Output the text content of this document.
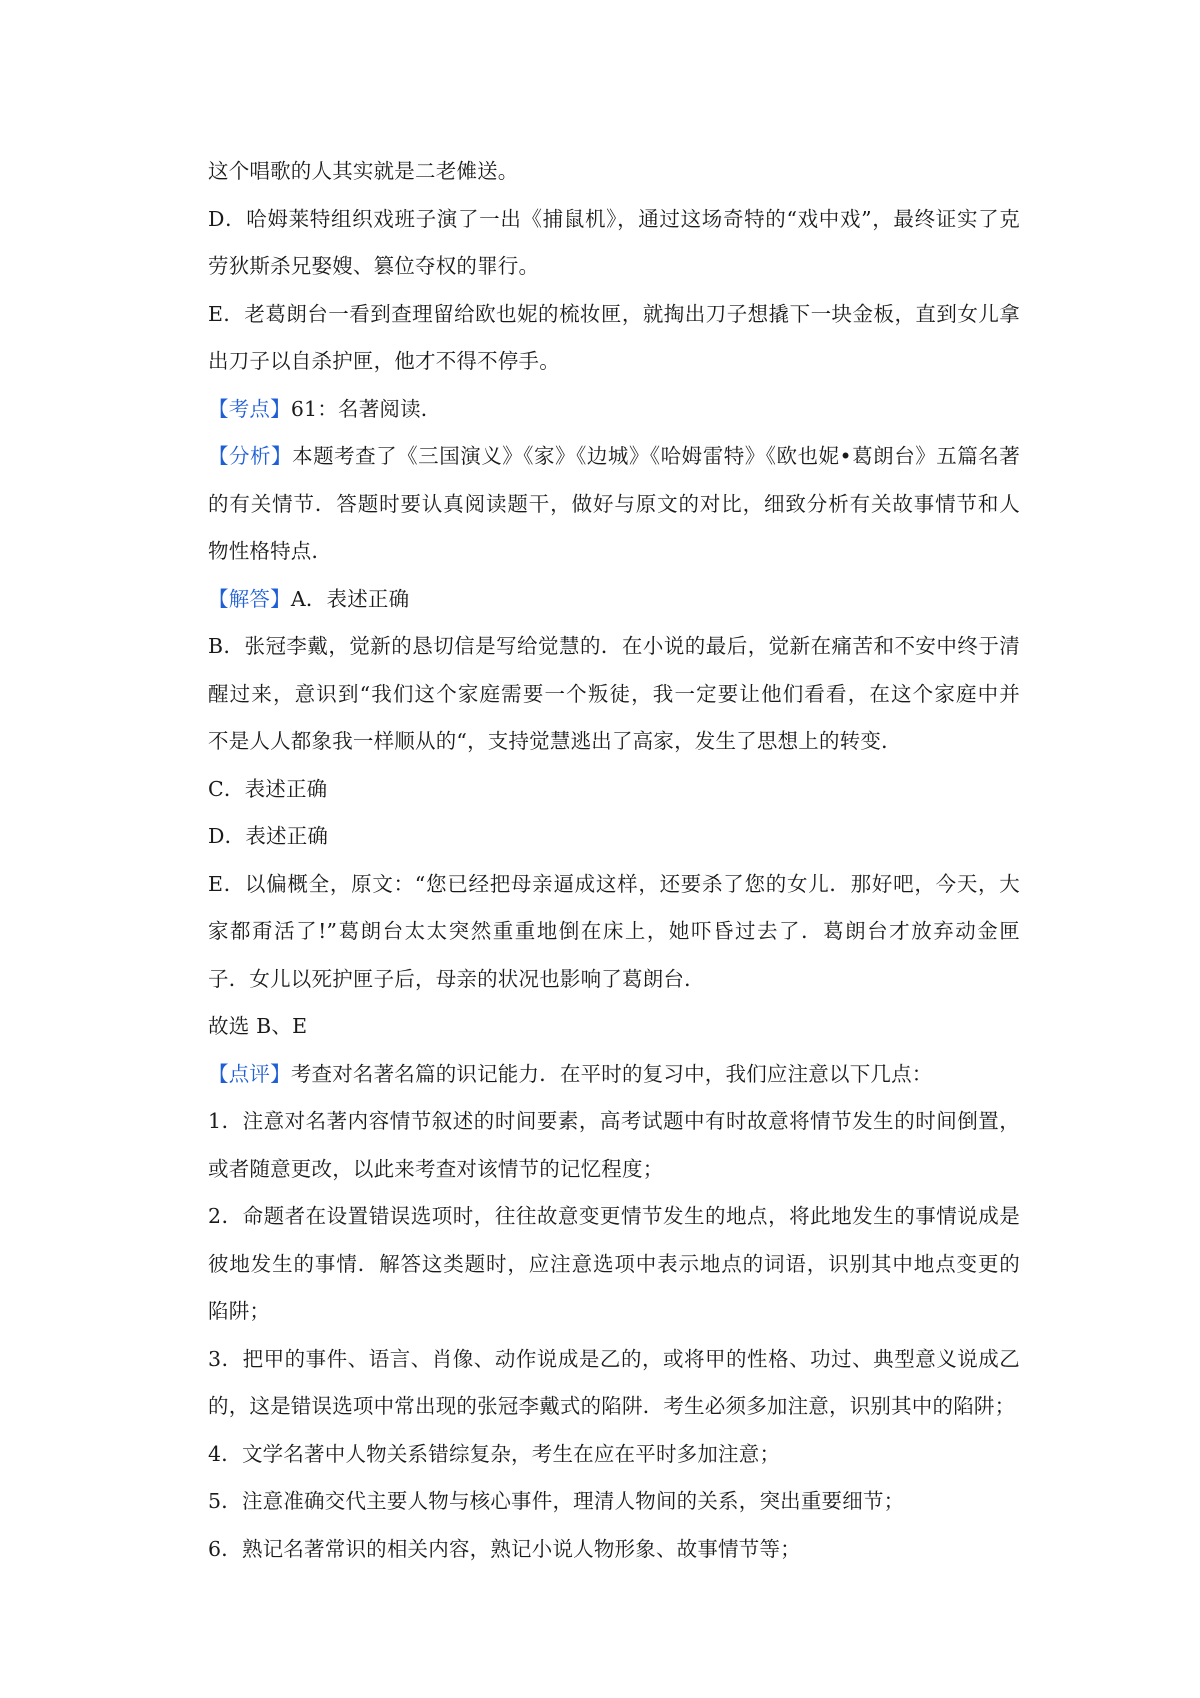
这个唱歌的人其实就是二老傩送。
D．哈姆莱特组织戏班子演了一出《捕鼠机》，通过这场奇特的“戏中戏”，最终证实了克
劳狄斯杀兄娶嫂、篡位夺权的罪行。
E．老葛朗台一看到查理留给欧也妮的梳妆匣，就掏出刀子想撬下一块金板，直到女儿拿
出刀子以自杀护匣，他才不得不停手。
【考点】61：名著阅读．
【分析】本题考查了《三国演义》《家》《边城》《哈姆雷特》《欧也妮•葛朗台》五篇名著
的有关情节．答题时要认真阅读题干，做好与原文的对比，细致分析有关故事情节和人
物性格特点．
【解答】A．表述正确
B．张冠李戴，觉新的恳切信是写给觉慧的．在小说的最后，觉新在痛苦和不安中终于清
醒过来，意识到“我们这个家庭需要一个叛徒，我一定要让他们看看，在这个家庭中并
不是人人都象我一样顺从的“，支持觉慧逃出了高家，发生了思想上的转变．
C．表述正确
D．表述正确
E．以偏概全，原文：“您已经把母亲逼成这样，还要杀了您的女儿．那好吧，今天，大
家都甭活了!”葛朗台太太突然重重地倒在床上，她吓昏过去了．葛朗台才放弃动金匣
子．女儿以死护匣子后，母亲的状况也影响了葛朗台．
故选 B、E
【点评】考查对名著名篇的识记能力．在平时的复习中，我们应注意以下几点：
1．注意对名著内容情节叙述的时间要素，高考试题中有时故意将情节发生的时间倒置，
或者随意更改，以此来考查对该情节的记忆程度；
2．命题者在设置错误选项时，往往故意变更情节发生的地点，将此地发生的事情说成是
彼地发生的事情．解答这类题时，应注意选项中表示地点的词语，识别其中地点变更的
陷阱；
3．把甲的事件、语言、肖像、动作说成是乙的，或将甲的性格、功过、典型意义说成乙
的，这是错误选项中常出现的张冠李戴式的陷阱．考生必须多加注意，识别其中的陷阱；
4．文学名著中人物关系错综复杂，考生在应在平时多加注意；
5．注意准确交代主要人物与核心事件，理清人物间的关系，突出重要细节；
6．熟记名著常识的相关内容，熟记小说人物形象、故事情节等；
